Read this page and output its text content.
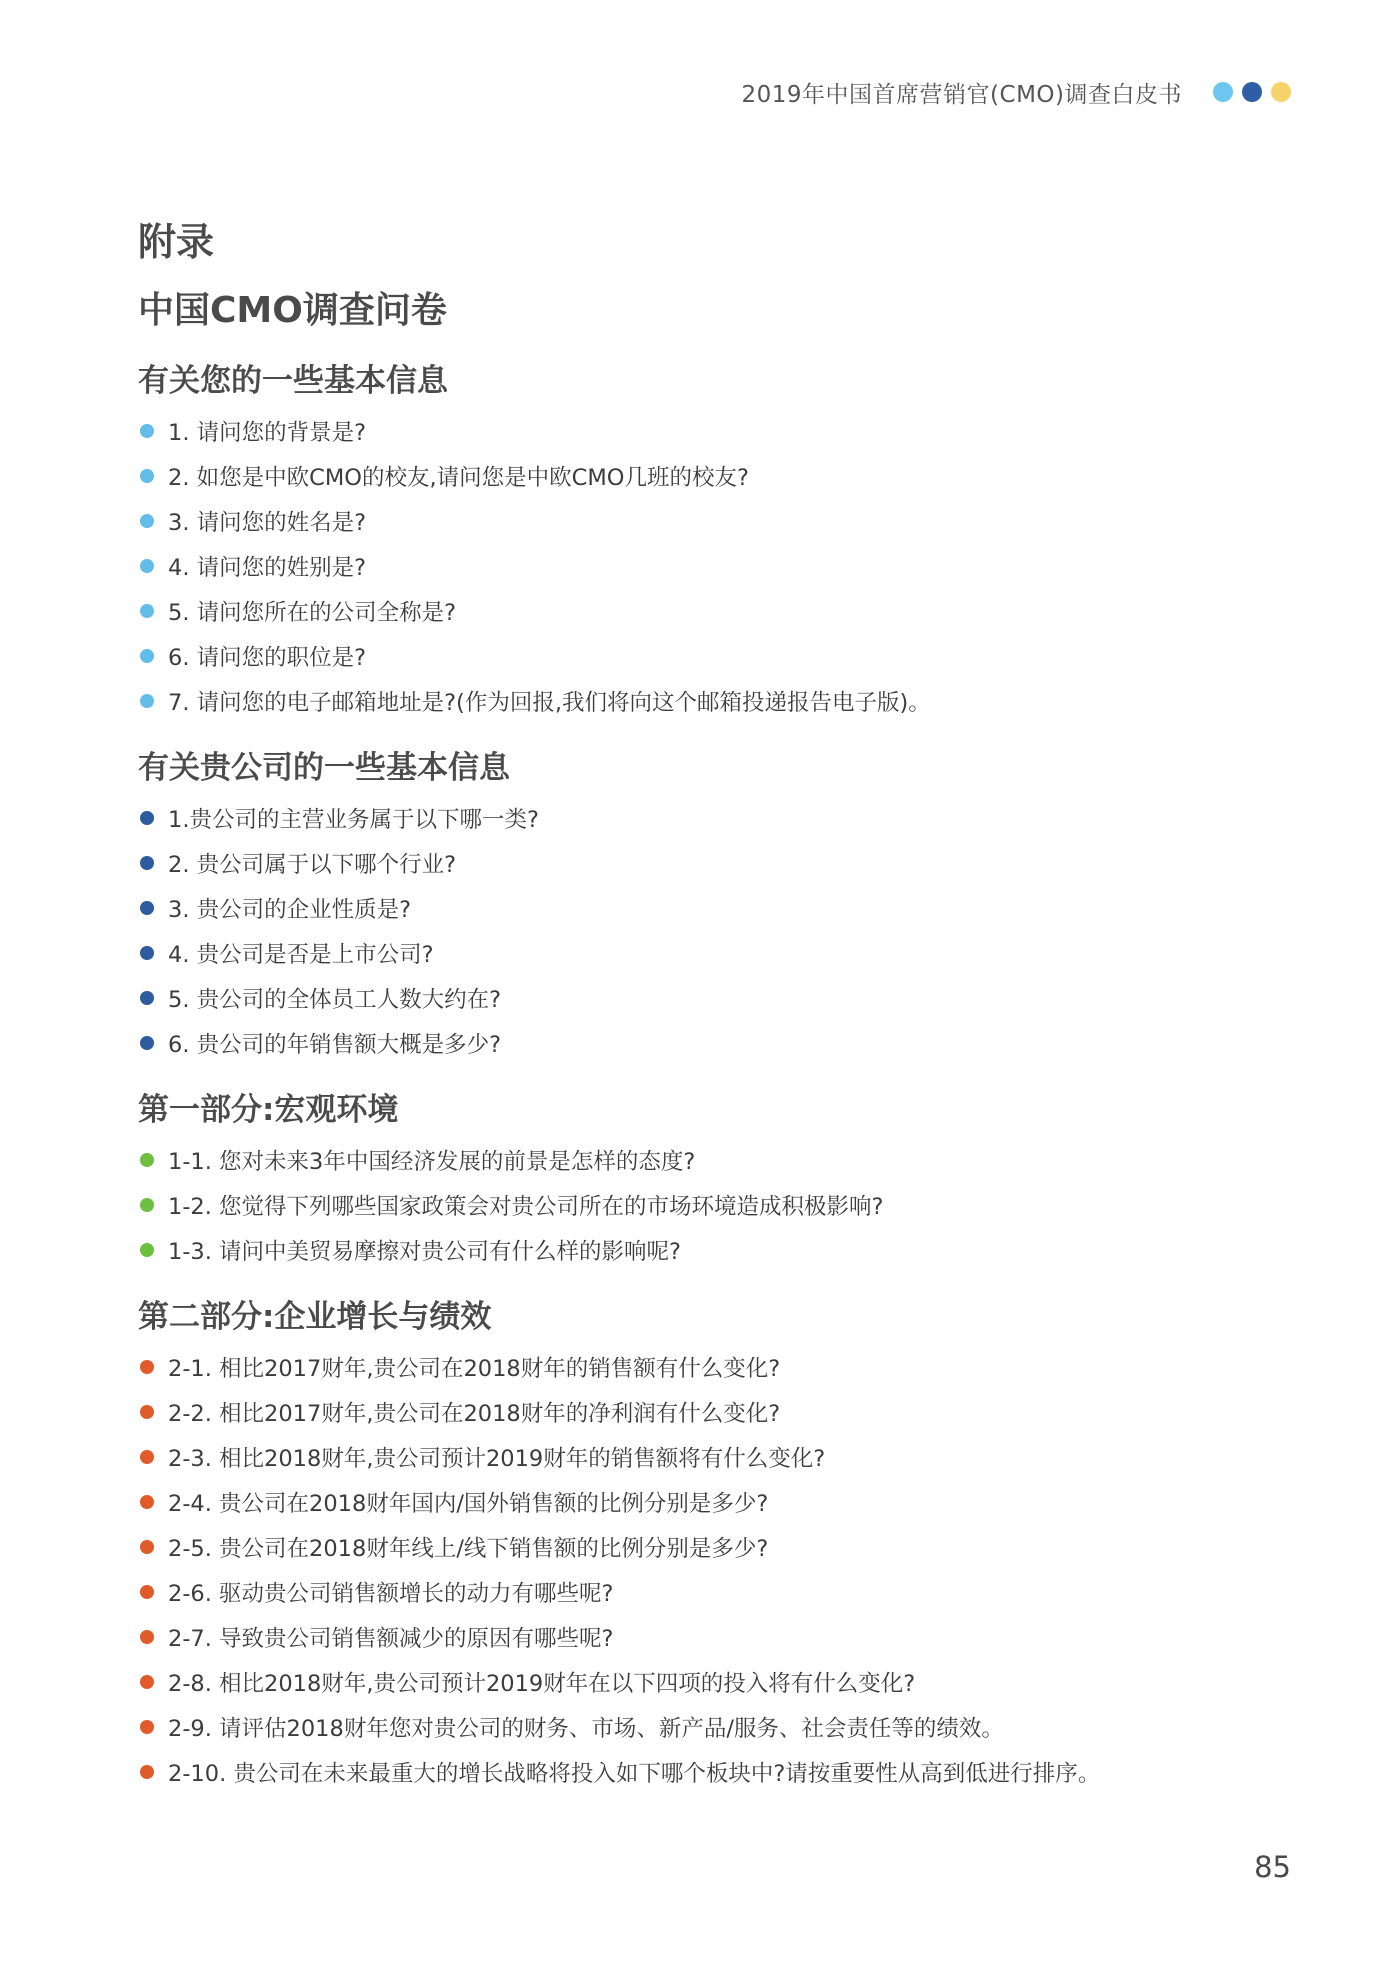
2019年中国首席营销官(CMO)调查白皮书
附录
中国CMO调查问卷
有关您的一些基本信息
1. 请问您的背景是?
2. 如您是中欧CMO的校友,请问您是中欧CMO几班的校友?
3. 请问您的姓名是?
4. 请问您的姓别是?
5. 请问您所在的公司全称是?
6. 请问您的职位是?
7. 请问您的电子邮箱地址是?(作为回报,我们将向这个邮箱投递报告电子版)。
有关贵公司的一些基本信息
1.贵公司的主营业务属于以下哪一类?
2. 贵公司属于以下哪个行业?
3. 贵公司的企业性质是?
4. 贵公司是否是上市公司?
5. 贵公司的全体员工人数大约在?
6. 贵公司的年销售额大概是多少?
第一部分:宏观环境
1-1. 您对未来3年中国经济发展的前景是怎样的态度?
1-2. 您觉得下列哪些国家政策会对贵公司所在的市场环境造成积极影响?
1-3. 请问中美贸易摩擦对贵公司有什么样的影响呢?
第二部分:企业增长与绩效
2-1. 相比2017财年,贵公司在2018财年的销售额有什么变化?
2-2. 相比2017财年,贵公司在2018财年的净利润有什么变化?
2-3. 相比2018财年,贵公司预计2019财年的销售额将有什么变化?
2-4. 贵公司在2018财年国内/国外销售额的比例分别是多少?
2-5. 贵公司在2018财年线上/线下销售额的比例分别是多少?
2-6. 驱动贵公司销售额增长的动力有哪些呢?
2-7. 导致贵公司销售额减少的原因有哪些呢?
2-8. 相比2018财年,贵公司预计2019财年在以下四项的投入将有什么变化?
2-9. 请评估2018财年您对贵公司的财务、市场、新产品/服务、社会责任等的绩效。
2-10. 贵公司在未来最重大的增长战略将投入如下哪个板块中?请按重要性从高到低进行排序。
85
